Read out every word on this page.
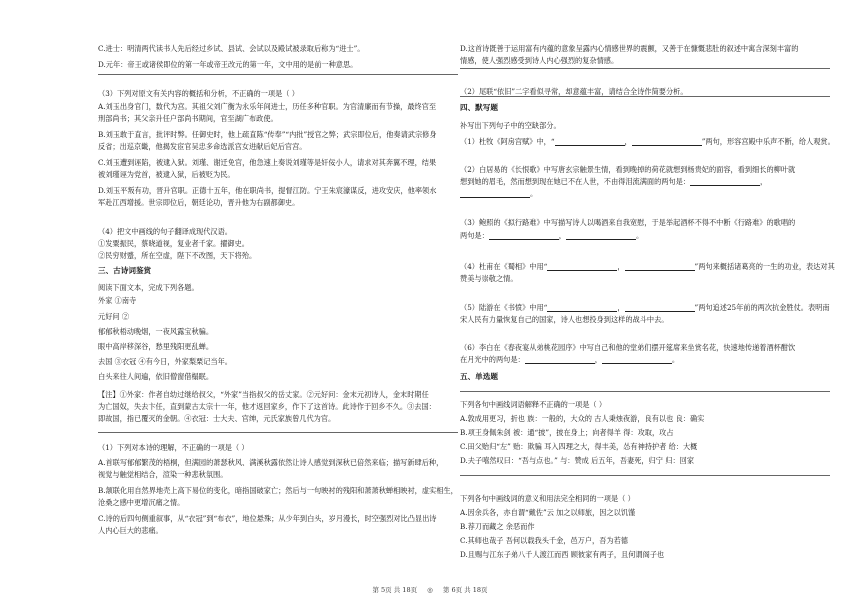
C.进士：明清两代读书人先后经过乡试、县试、会试以及殿试被录取后称为“进士”。
D.元年：帝王或诸侯即位的第一年或帝王改元的第一年，文中用的是前一种意思。
（3）下列对原文有关内容的概括和分析，不正确的一项是（ ）
A.刘玉出身官门，数代为宫。其祖父刘广衡为永乐年间进士，历任多种官职。为官清廉而有节操，最终官至
刑部尚书；其父亲升任户部尚书期间，官至湖广布政使。
B.刘玉敢于直言，批评时弊。任御史时，他上疏直陈“传奉”“内批”授官之弊；武宗即位后，他奏请武宗修身
反省；出巡京畿，他揭发宦官吴忠多命选派宫女进献后妃后官宫。
C.刘玉遭到诬陷，被逮入狱。刘瑾、谢迁免官，他急速上奏说刘瑾等是奸佞小人，请求对其奔翼不理，结果
被刘瑾诬为党首，被逮入狱，后被贬为民。
D.刘玉平叛有功，晋升官职。正德十五年，他在职尚书，提督江防。宁王朱宸濠谋反，进攻安庆，他率领水
军赴江西增援。世宗即位后，朝廷论功，晋升他为右副都御史。
（4）把文中画线的句子翻译成现代汉语。
①发粟振民，蔡晓道视，复业者千家。擢御史。
②民穷财蹙，所在空虚，陛下不改图，天下将殆。
三、古诗词鉴赏
阅读下面文本，完成下列各题。
外家 ①南寺
元好问 ②
郁郁秋梧动晚烟，一夜风露宝秋骗。
眼中高岸移深谷，愁里残阳更乱蝉。
去国 ③衣冠 ④有今日，外家梨栗记当年。
白头来往人间遍，依旧僧窗借榻眠。
【注】①外家：作者自幼过继给叔父，“外家”当指叔父的岳丈家。②元好问：金末元初诗人，金末时期任
为亡国奴，失去卞任，直到蒙古太宗十一年，他才返回家乡，作下了这首诗。此诗作于回乡不久。③去国：
即故国，指已覆灭的金朝。④衣冠：士大夫、官绅，元氏家族曾几代为官。
（1）下列对本诗的理解，不正确的一项是（ ）
A.首联写郁郁繁茂的梧桐，但满园的萧瑟秋风、满溪秋露依然让诗人感觉到深秋已倍然来临；描写新肆后种，
视觉与触觉相结合，渲染一种悲秋氛围。
B.颔联化用自然界地壳上高下易位的变化，暗指国破家亡；然后与一句映衬的残阳和萧萧秋蝉相映衬，虚实相生，
沧桑之感中更增沉痛之情。
C.诗的后四句侧重叙事，从“衣冠”到“布衣”，地位悬殊；从少年到白头，岁月漫长，时空强烈对比凸显出诗
人内心巨大的悲痛。
D.这首诗既善于运用富有内蕴的意象呈露内心情感世界的震颤，又善于在慷慨悲肚的叙述中寓含深刻丰富的
情感，使人强烈感受到诗人内心强烈的复杂情感。
（2）尾联“依旧”二字看似寻常，却意蕴丰富，请结合全诗作简要分析。
四、默写题
补写出下列句子中的空缺部分。
（1）杜牧《阿房宫赋》中，“	，	”两句，形容宫殿中乐声不断，给人观赏。
（2）白居易的《长恨歌》中写唐玄宗触景生情，看到晚掉的荷花就想到杨贵妃的面容，看到细长的柳叶就
想到她的眉毛，然而想到现在她已不在人世，不由得泪流满面的两句是：	，
。
（3）鲍照的《拟行路难》中写描写诗人以喝酒来自我宽慰，于是举起酒杯不得不中断《行路难》的歌唱的
两句是：	，	。
（4）杜甫在《蜀相》中用“	，	”两句来概括诸葛亮的一生的功业，表达对其
赞美与崇敬之情。
（5）陆游在《书愤》中用“	，	”两句追述25年前的两次抗金胜仗。表明南
宋人民有力量恢复自己的国家，诗人也想投身到这样的战斗中去。
（6）李白在《春夜宴从弟桃花园序》中写自己和他的堂弟们摆开筵席来坐赏名花，快速地传递着酒杯酣饮
在月光中的两句是：	，	。
五、单选题
下列各句中画线词语解释不正确的一项是（ ）
A.敦成用更习，折也 族：一般的，大众的 古人秉烛夜游，良有以也 良：确实
B.项王身佩朱剑 被：通“披”，披在身上；向者得羊 得：攻取，攻占
C.田父贻归“左” 贻：欺骗 耳入四理之大，得丰美，怂有神持护者 给：大概
D.夫子嘻然叹曰：“吾与点也。” 与：赞成 后五年，吾妻死，归宁 归：回家
下列各句中画线词的意义和用法完全相同的一项是（ ）
A.因余兵各，亦自谓“戴佐”云 加之以师旅，因之以饥馑
B.荐刀而藏之 余恶而作
C.其师也哉子 吾何以载我头千金，邑万户，吾为若德
D.且赐与江东子弟八千人渡江而西 顾彼家有两子，且何谓阁子也
第 5页 共 18页 ◎ 第 6页 共 18页
